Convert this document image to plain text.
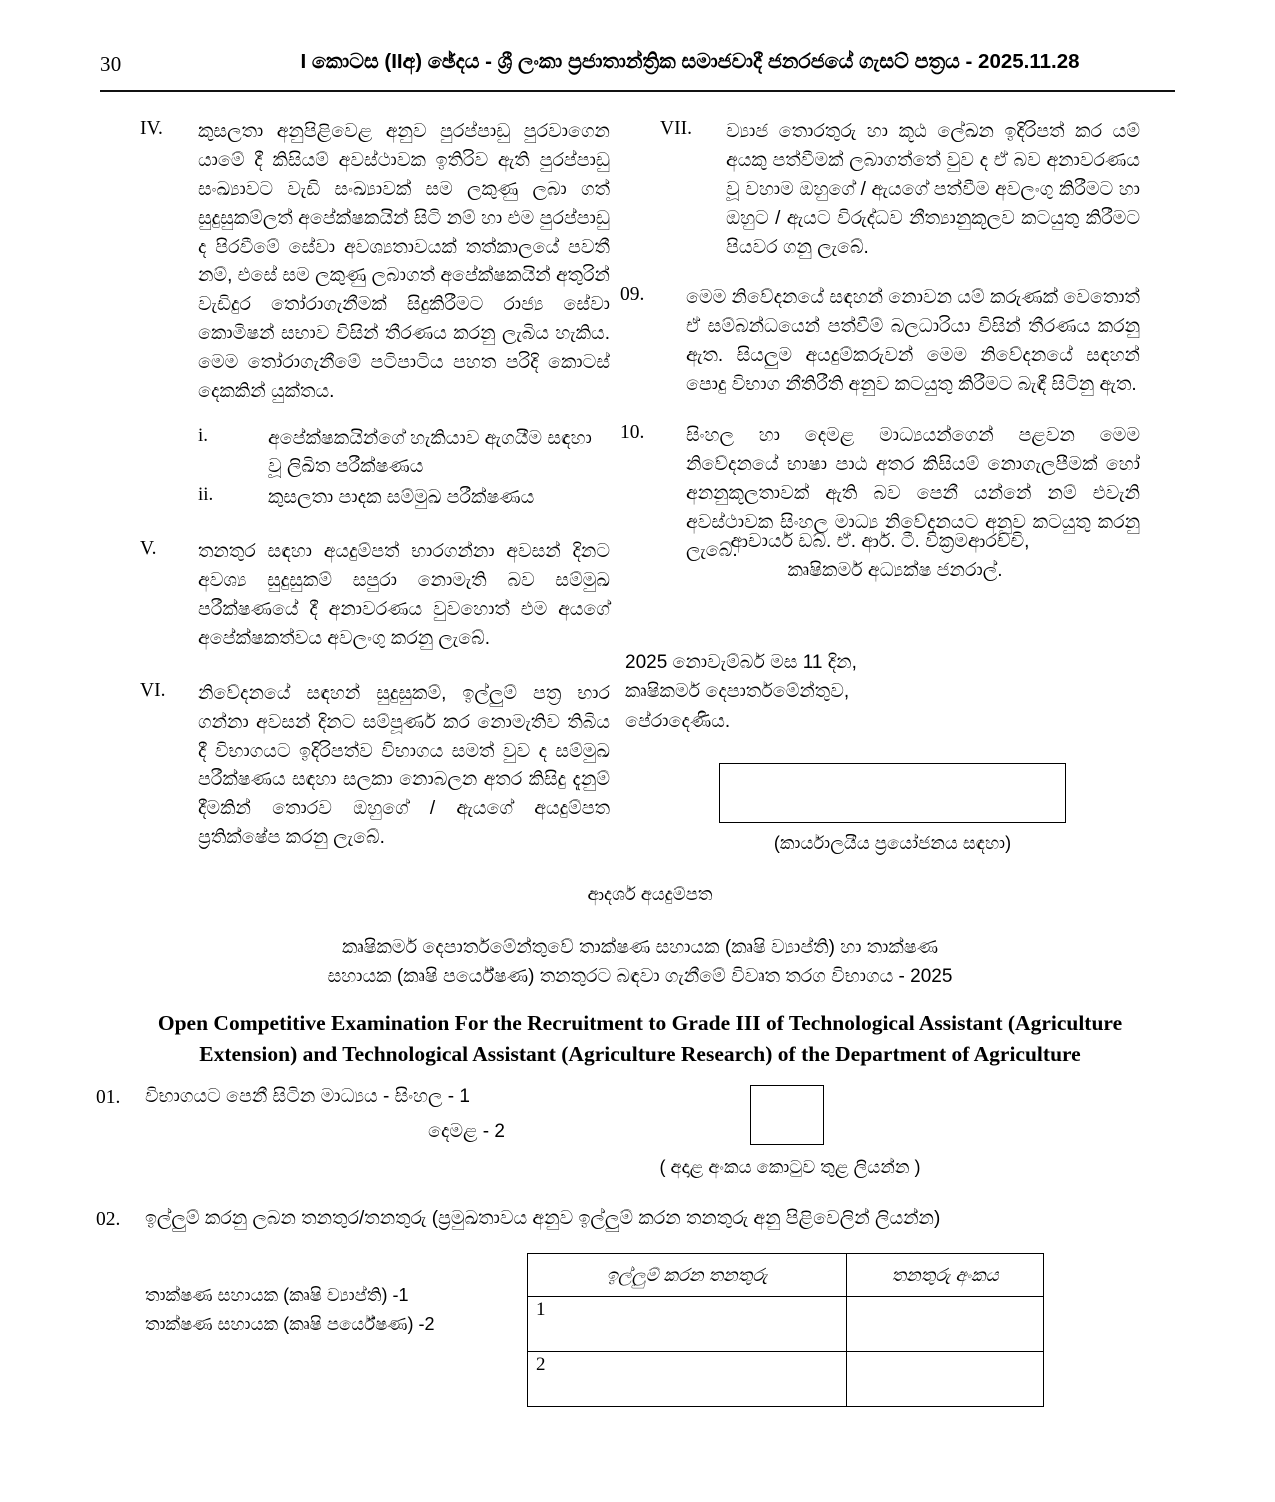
30	I කොටස (IIඅ) ඡේදය - ශ්‍රී ලංකා ප්‍රජාතාන්ත්‍රික සමාජවාදී ජනරජයේ ගැසට් පත්‍රය - 2025.11.28
IV.	කුසලතා අනුපිළිවෙළ අනුව පුරප්පාඩු පුරවාගෙන යාමේ දී කිසියම් අවස්ථාවක ඉතිරිව ඇති පුරප්පාඩු සංඛ්‍යාවට වැඩි සංඛ්‍යාවක් සම ලකුණු ලබා ගත් සුදුසුකම්ලත් අපේක්ෂකයින් සිටි නම් හා එම පුරප්පාඩු ද පිරවීමේ සේවා අවශ්‍යතාවයක් තත්කාලයේ පවතී නම්, එසේ සම ලකුණු ලබාගත් අපේක්ෂකයින් අතුරින් වැඩිදුර තෝරාගැනීමක් සිදුකිරීමට රාජ්‍ය සේවා කොමිෂන් සභාව විසින් තීරණය කරනු ලැබිය හැකිය. මෙම තෝරාගැනීමේ පටිපාටිය පහත පරිදි කොටස් දෙකකින් යුක්තය.
i.	අපේක්ෂකයින්ගේ හැකියාව ඇගයීම සඳහා වූ ලිඛිත පරීක්ෂණය
ii.	කුසලතා පාදක සම්මුඛ පරීක්ෂණය
V.	තනතුර සඳහා අයදුම්පත් භාරගන්නා අවසන් දිනට අවශ්‍ය සුදුසුකම් සපුරා නොමැති බව සම්මුඛ පරීක්ෂණයේ දී අනාවරණය වුවහොත් එම අයගේ අපේක්ෂකත්වය අවලංගු කරනු ලැබේ.
VI.	නිවේදනයේ සඳහන් සුදුසුකම්, ඉල්ලුම් පත්‍ර භාර ගන්නා අවසන් දිනට සම්පූර්ණ කර නොමැතිව තිබිය දී විභාගයට ඉදිරිපත්ව විභාගය සමත් වුව ද සම්මුඛ පරීක්ෂණය සඳහා සලකා නොබලන අතර කිසිදු දැනුම් දීමකින් තොරව ඔහුගේ / ඇයගේ අයදුම්පත ප්‍රතික්ෂේප කරනු ලැබේ.
VII.	ව්‍යාජ තොරතුරු හා කූඨ ලේඛන ඉදිරිපත් කර යම් අයකු පත්වීමක් ලබාගත්තේ වුව ද ඒ බව අනාවරණය වූ වහාම ඔහුගේ / ඇයගේ පත්වීම අවලංගු කිරීමට හා ඔහුට / ඇයට විරුද්ධව නීත්‍යානුකූලව කටයුතු කිරීමට පියවර ගනු ලැබේ.
09.	මෙම නිවේදනයේ සඳහන් නොවන යම් කරුණක් වෙතොත් ඒ සම්බන්ධයෙන් පත්වීම් බලධාරියා විසින් තීරණය කරනු ඇත. සියලුම අයදුම්කරුවන් මෙම නිවේදනයේ සඳහන් පොදු විභාග නීතිරීති අනුව කටයුතු කිරීමට බැඳී සිටිනු ඇත.
10.	සිංහල හා දෙමළ මාධ්‍යයන්ගෙන් පළවන මෙම නිවේදනයේ භාෂා පාඨ අතර කිසියම් නොගැලපීමක් හෝ අනනුකූලතාවක් ඇති බව පෙනී යන්නේ නම් එවැනි අවස්ථාවක සිංහල මාධ්‍ය නිවේදනයට අනුව කටයුතු කරනු ලැබේ.
ආචාර්ය ඩබ්. ඒ. ආර්. ටී. වික්‍රමආරච්චි,
කෘෂිකර්ම අධ්‍යක්ෂ ජනරාල්.
2025 නොවැම්බර් මස 11 දින,
කෘෂිකර්ම දෙපාර්තමේන්තුව,
පේරාදෙණිය.
(කාර්යාලයීය ප්‍රයෝජනය සඳහා)
ආදර්ශ අයදුම්පත
කෘෂිකර්ම දෙපාර්තමේන්තුවේ තාක්ෂණ සහායක (කෘෂි ව්‍යාප්ති) හා තාක්ෂණ
සහායක (කෘෂි පර්යේෂණ) තනතුරට බඳවා ගැනීමේ විවෘත තරග විභාගය - 2025
Open Competitive Examination For the Recruitment to Grade III of Technological Assistant (Agriculture Extension) and Technological Assistant (Agriculture Research) of the Department of Agriculture
01. විභාගයට පෙනී සිටින මාධ්‍යය - සිංහල - 1
දෙමළ - 2
( අදාළ අංකය කොටුව තුළ ලියන්න )
02. ඉල්ලුම් කරනු ලබන තනතුර/තනතුරු (ප්‍රමුඛතාවය අනුව ඉල්ලුම් කරන තනතුරු අනු පිළිවෙලින් ලියන්න)
තාක්ෂණ සහායක (කෘෂි ව්‍යාප්ති) -1
තාක්ෂණ සහායක (කෘෂි පර්යේෂණ) -2
ඉල්ලුම් කරන තනතුරු	තනතුරු අංකය
1	
2	
